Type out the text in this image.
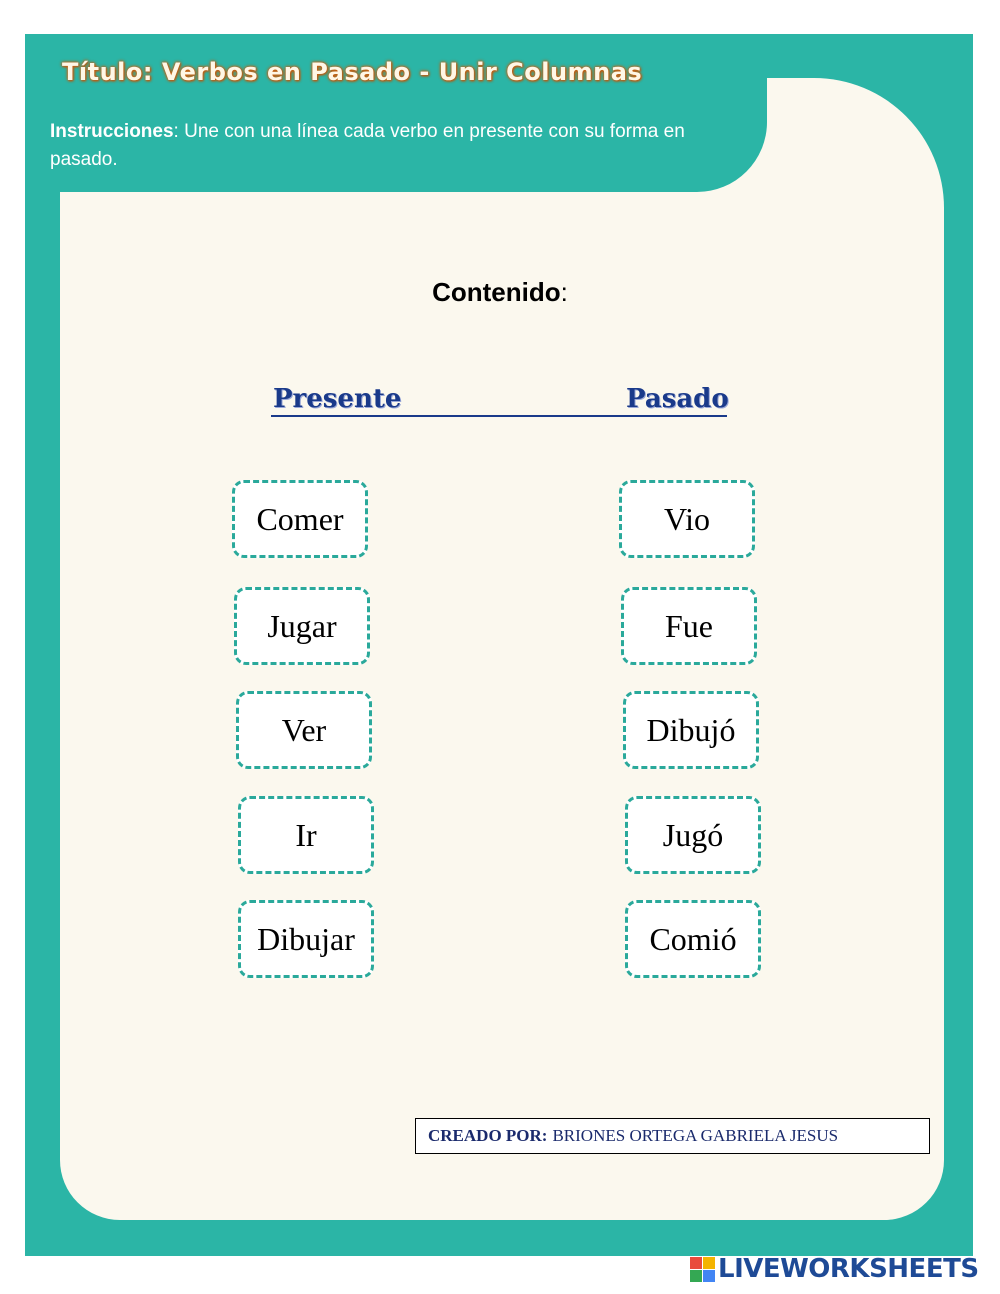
Título: Verbos en Pasado - Unir Columnas
Instrucciones: Une con una línea cada verbo en presente con su forma en pasado.
Contenido:
Presente	Pasado
Comer
Jugar
Ver
Ir
Dibujar
Vio
Fue
Dibujó
Jugó
Comió
CREADO POR: BRIONES ORTEGA GABRIELA JESUS
LIVEWORKSHEETS
